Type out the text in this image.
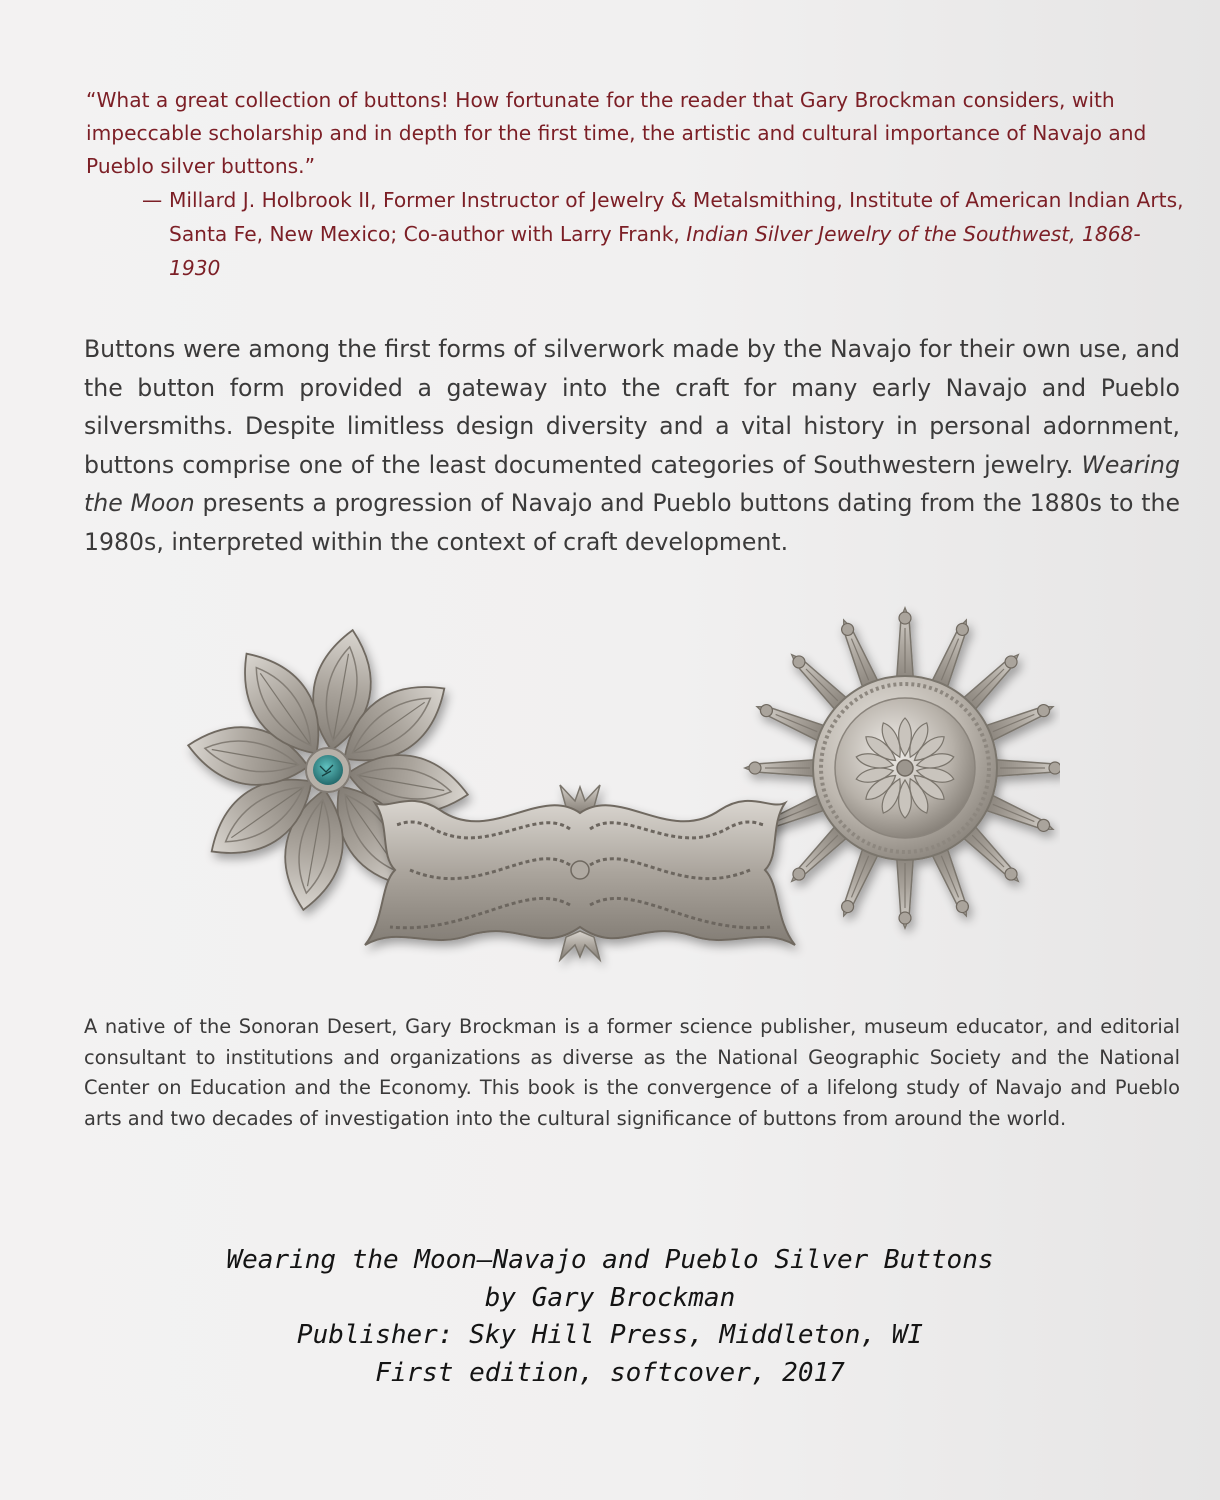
“What a great collection of buttons! How fortunate for the reader that Gary Brockman considers, with impeccable scholarship and in depth for the first time, the artistic and cultural importance of Navajo and Pueblo silver buttons.”

— Millard J. Holbrook II, Former Instructor of Jewelry & Metalsmithing, Institute of American Indian Arts, Santa Fe, New Mexico; Co-author with Larry Frank, Indian Silver Jewelry of the Southwest, 1868-1930

Buttons were among the first forms of silverwork made by the Navajo for their own use, and the button form provided a gateway into the craft for many early Navajo and Pueblo silversmiths. Despite limitless design diversity and a vital history in personal adornment, buttons comprise one of the least documented categories of Southwestern jewelry. Wearing the Moon presents a progression of Navajo and Pueblo buttons dating from the 1880s to the 1980s, interpreted within the context of craft development.

A native of the Sonoran Desert, Gary Brockman is a former science publisher, museum educator, and editorial consultant to institutions and organizations as diverse as the National Geographic Society and the National Center on Education and the Economy. This book is the convergence of a lifelong study of Navajo and Pueblo arts and two decades of investigation into the cultural significance of buttons from around the world.

Wearing the Moon—Navajo and Pueblo Silver Buttons
by Gary Brockman
Publisher: Sky Hill Press, Middleton, WI
First edition, softcover, 2017
